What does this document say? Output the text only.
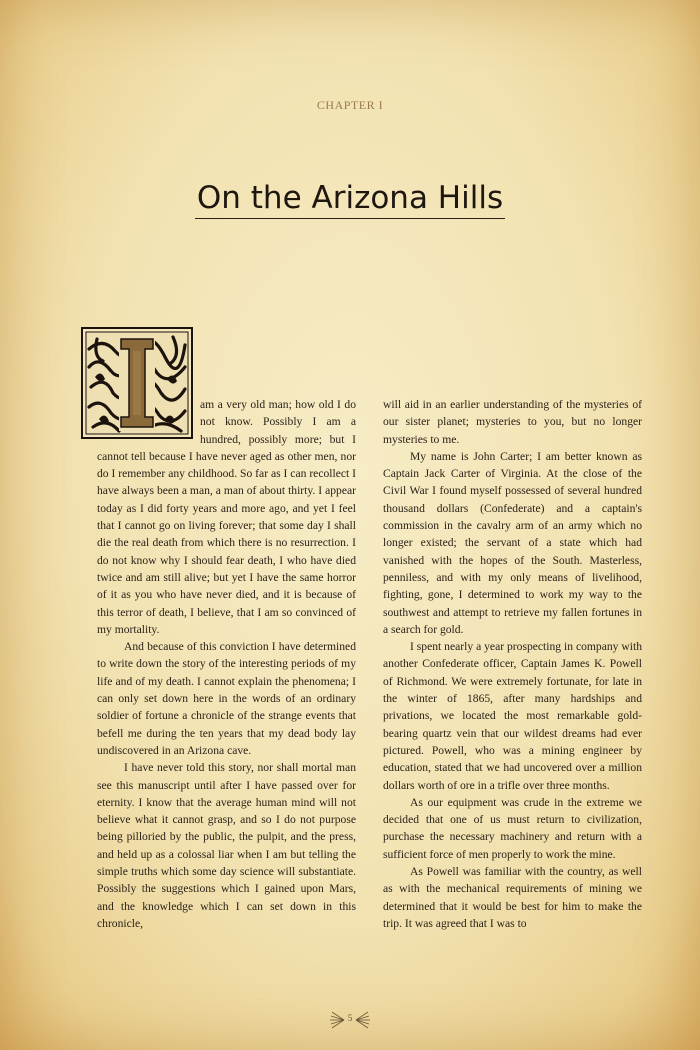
CHAPTER I
On the Arizona Hills

am a very old man; how old I do not know. Possibly I am a hundred, possibly more; but I cannot tell because I have never aged as other men, nor do I remember any childhood. So far as I can recollect I have always been a man, a man of about thirty. I appear today as I did forty years and more ago, and yet I feel that I cannot go on living forever; that some day I shall die the real death from which there is no resurrection. I do not know why I should fear death, I who have died twice and am still alive; but yet I have the same horror of it as you who have never died, and it is because of this terror of death, I believe, that I am so convinced of my mortality.

And because of this conviction I have determined to write down the story of the interesting periods of my life and of my death. I cannot explain the phenomena; I can only set down here in the words of an ordinary soldier of fortune a chronicle of the strange events that befell me during the ten years that my dead body lay undiscovered in an Arizona cave.

I have never told this story, nor shall mortal man see this manuscript until after I have passed over for eternity. I know that the average human mind will not believe what it cannot grasp, and so I do not purpose being pilloried by the public, the pulpit, and the press, and held up as a colossal liar when I am but telling the simple truths which some day science will substantiate. Possibly the suggestions which I gained upon Mars, and the knowledge which I can set down in this chronicle,

will aid in an earlier understanding of the mysteries of our sister planet; mysteries to you, but no longer mysteries to me.

My name is John Carter; I am better known as Captain Jack Carter of Virginia. At the close of the Civil War I found myself possessed of several hundred thousand dollars (Confederate) and a captain's commission in the cavalry arm of an army which no longer existed; the servant of a state which had vanished with the hopes of the South. Masterless, penniless, and with my only means of livelihood, fighting, gone, I determined to work my way to the southwest and attempt to retrieve my fallen fortunes in a search for gold.

I spent nearly a year prospecting in company with another Confederate officer, Captain James K. Powell of Richmond. We were extremely fortunate, for late in the winter of 1865, after many hardships and privations, we located the most remarkable gold-bearing quartz vein that our wildest dreams had ever pictured. Powell, who was a mining engineer by education, stated that we had uncovered over a million dollars worth of ore in a trifle over three months.

As our equipment was crude in the extreme we decided that one of us must return to civilization, purchase the necessary machinery and return with a sufficient force of men properly to work the mine.

As Powell was familiar with the country, as well as with the mechanical requirements of mining we determined that it would be best for him to make the trip. It was agreed that I was to

5
